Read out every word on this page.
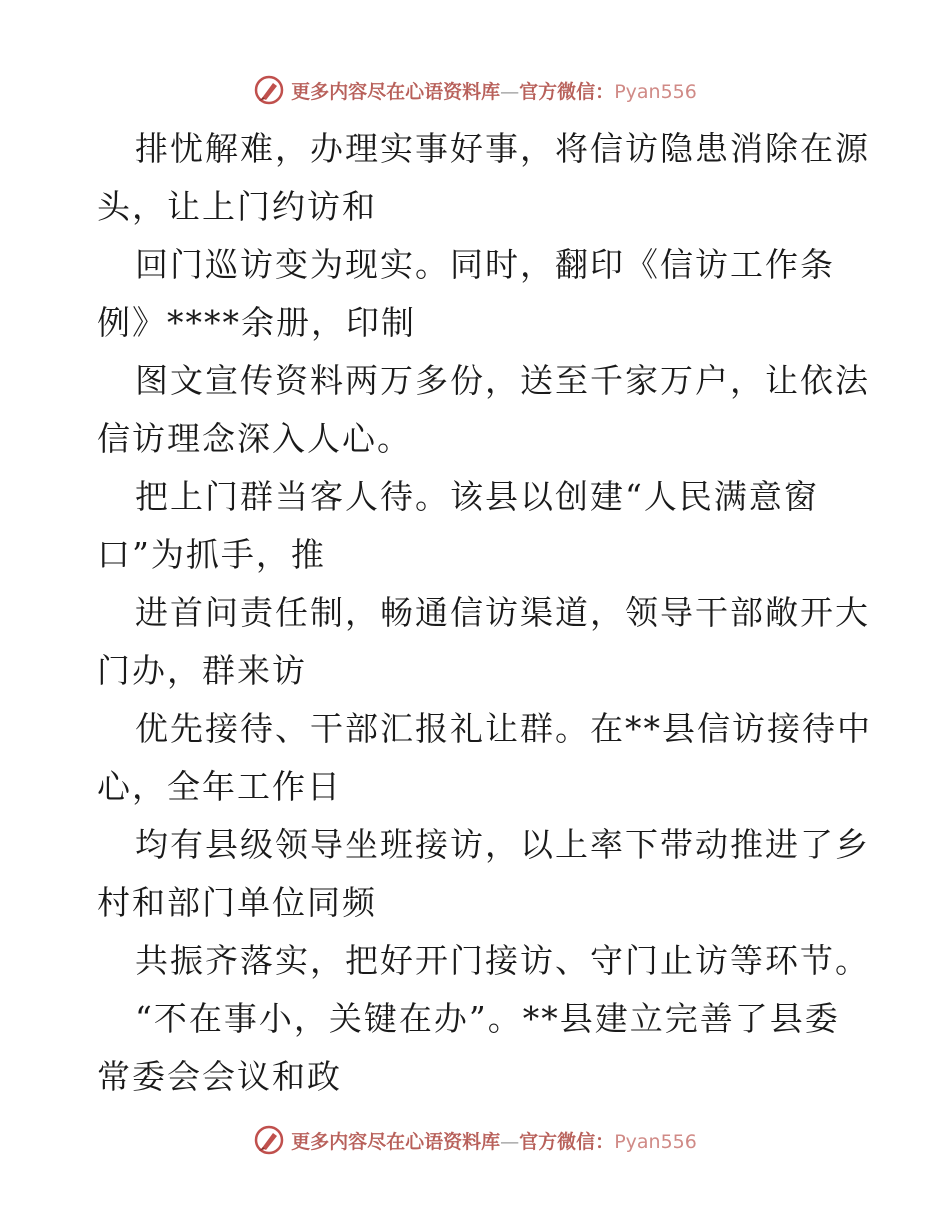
更多内容尽在心语资料库—官方微信：Pyan556
排忧解难，办理实事好事，将信访隐患消除在源
头，让上门约访和
回门巡访变为现实。同时，翻印《信访工作条
例》****余册，印制
图文宣传资料两万多份，送至千家万户，让依法
信访理念深入人心。
把上门群当客人待。该县以创建“人民满意窗
口”为抓手，推
进首问责任制，畅通信访渠道，领导干部敞开大
门办，群来访
优先接待、干部汇报礼让群。在**县信访接待中
心，全年工作日
均有县级领导坐班接访，以上率下带动推进了乡
村和部门单位同频
共振齐落实，把好开门接访、守门止访等环节。
“不在事小，关键在办”。**县建立完善了县委
常委会会议和政
更多内容尽在心语资料库—官方微信：Pyan556
